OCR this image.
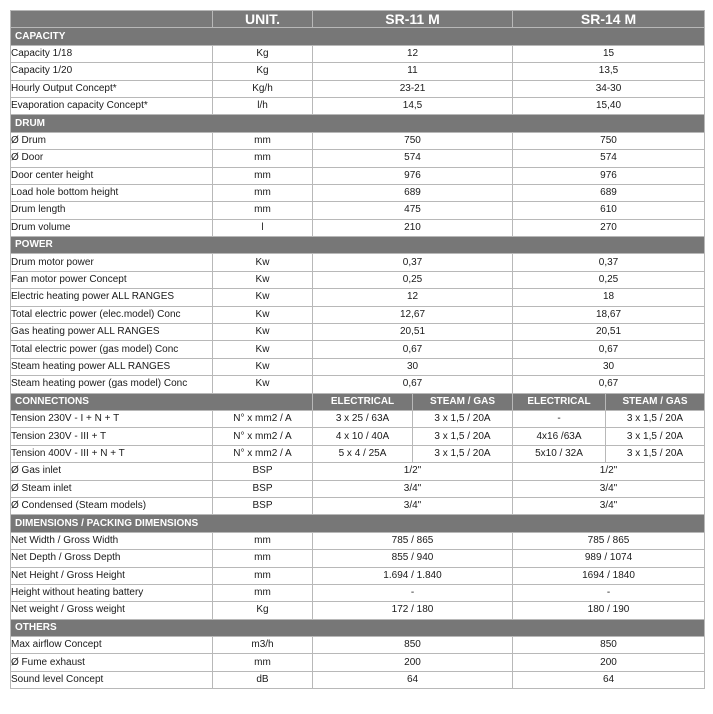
	UNIT.	SR-11 M		SR-14 M	
CAPACITY					
Capacity 1/18	Kg	12		15	
Capacity 1/20	Kg	11		13,5	
Hourly Output Concept*	Kg/h	23-21		34-30	
Evaporation capacity Concept*	l/h	14,5		15,40	
DRUM					
Ø Drum	mm	750		750	
Ø Door	mm	574		574	
Door center height	mm	976		976	
Load hole bottom height	mm	689		689	
Drum length	mm	475		610	
Drum volume	l	210		270	
POWER					
Drum motor power	Kw	0,37		0,37	
Fan motor power Concept	Kw	0,25		0,25	
Electric heating power ALL RANGES	Kw	12		18	
Total electric power (elec.model) Conc	Kw	12,67		18,67	
Gas heating power ALL RANGES	Kw	20,51		20,51	
Total electric power (gas model) Conc	Kw	0,67		0,67	
Steam heating power ALL RANGES	Kw	30		30	
Steam heating power (gas model) Conc	Kw	0,67		0,67	
CONNECTIONS		ELECTRICAL	STEAM / GAS	ELECTRICAL	STEAM / GAS
Tension 230V - I + N + T	N° x mm2 / A	3 x 25 / 63A	3 x 1,5 / 20A	-	3 x 1,5 / 20A
Tension 230V - III + T	N° x mm2 / A	4 x 10 / 40A	3 x 1,5 / 20A	4x16 /63A	3 x 1,5 / 20A
Tension 400V - III + N + T	N° x mm2 / A	5 x 4 / 25A	3 x 1,5 / 20A	5x10 / 32A	3 x 1,5 / 20A
Ø Gas inlet	BSP	1/2"		1/2"	
Ø Steam inlet	BSP	3/4"		3/4"	
Ø Condensed (Steam models)	BSP	3/4"		3/4"	
DIMENSIONS / PACKING DIMENSIONS					
Net Width / Gross Width	mm	785 / 865		785 / 865	
Net Depth / Gross Depth	mm	855 / 940		989 / 1074	
Net Height / Gross Height	mm	1.694 / 1.840		1694 / 1840	
Height without heating battery	mm	-		-	
Net weight / Gross weight	Kg	172 / 180		180 / 190	
OTHERS					
Max airflow Concept	m3/h	850		850	
Ø Fume exhaust	mm	200		200	
Sound level Concept	dB	64		64	
